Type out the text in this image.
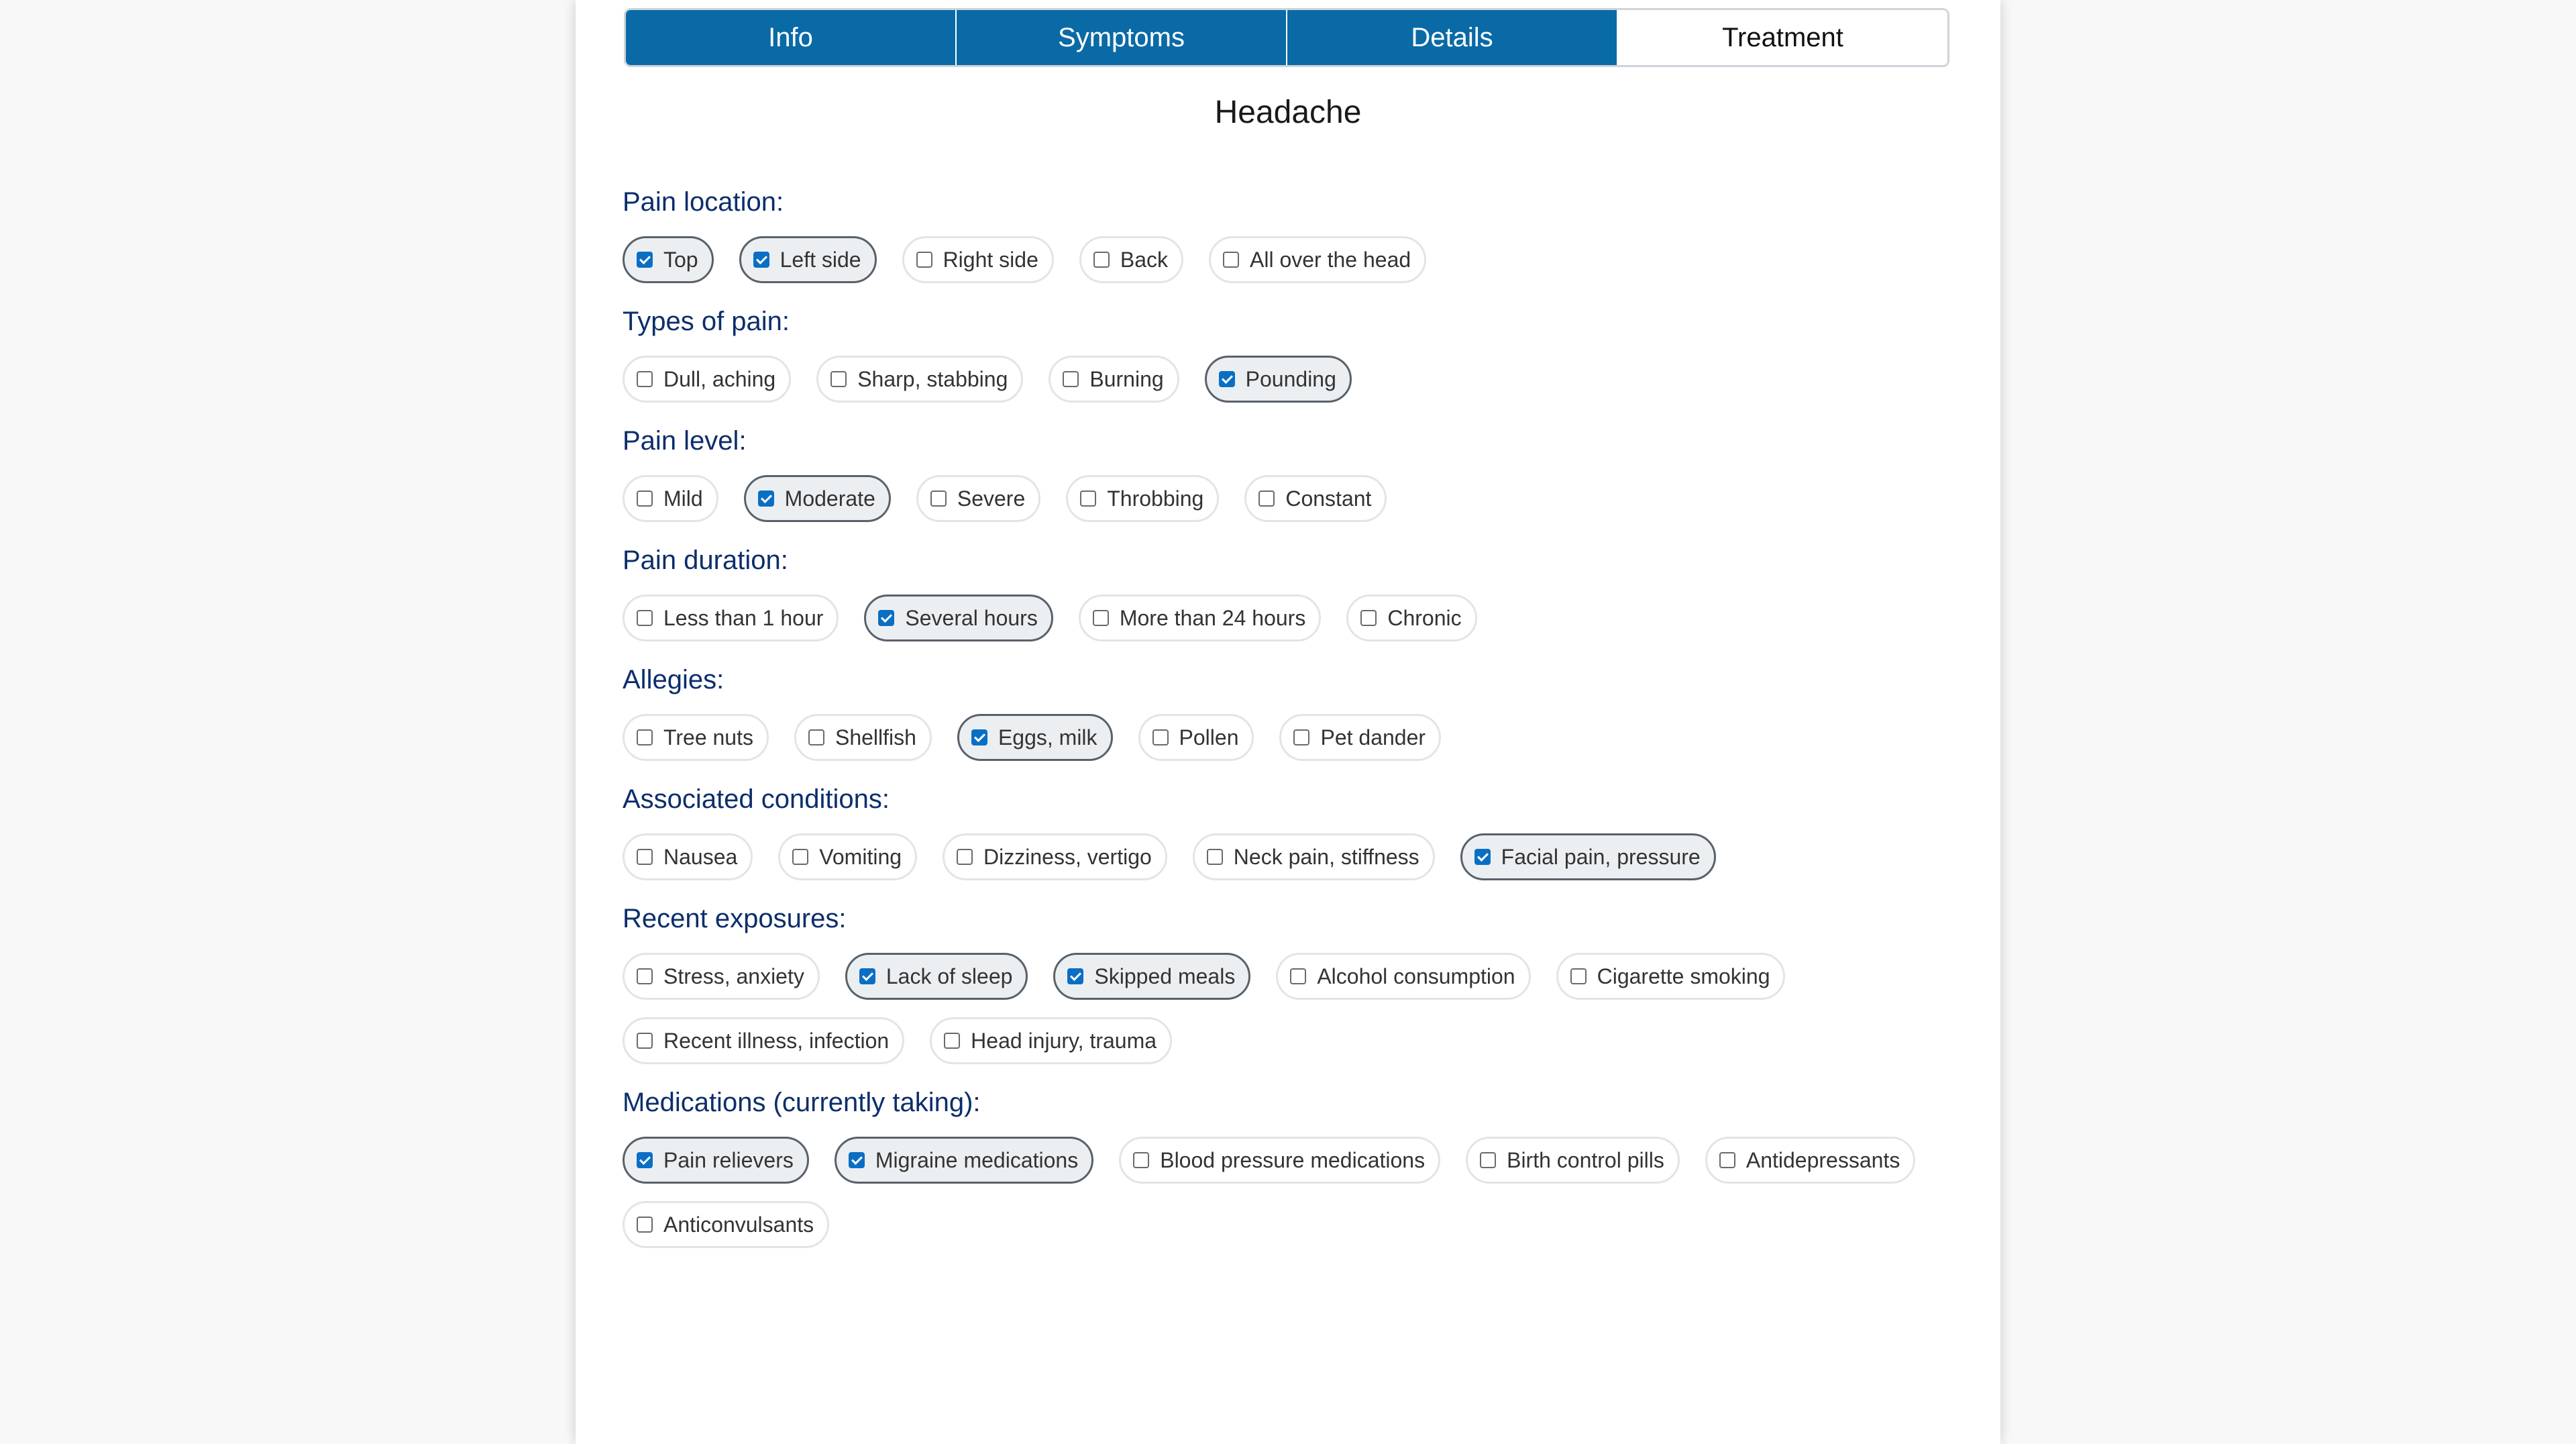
Info	Symptoms	Details	Treatment
Headache
Pain location:
Top	Left side	Right side	Back	All over the head
Types of pain:
Dull, aching	Sharp, stabbing	Burning	Pounding
Pain level:
Mild	Moderate	Severe	Throbbing	Constant
Pain duration:
Less than 1 hour	Several hours	More than 24 hours	Chronic
Allegies:
Tree nuts	Shellfish	Eggs, milk	Pollen	Pet dander
Associated conditions:
Nausea	Vomiting	Dizziness, vertigo	Neck pain, stiffness	Facial pain, pressure
Recent exposures:
Stress, anxiety	Lack of sleep	Skipped meals	Alcohol consumption	Cigarette smoking
Recent illness, infection	Head injury, trauma
Medications (currently taking):
Pain relievers	Migraine medications	Blood pressure medications	Birth control pills	Antidepressants
Anticonvulsants
